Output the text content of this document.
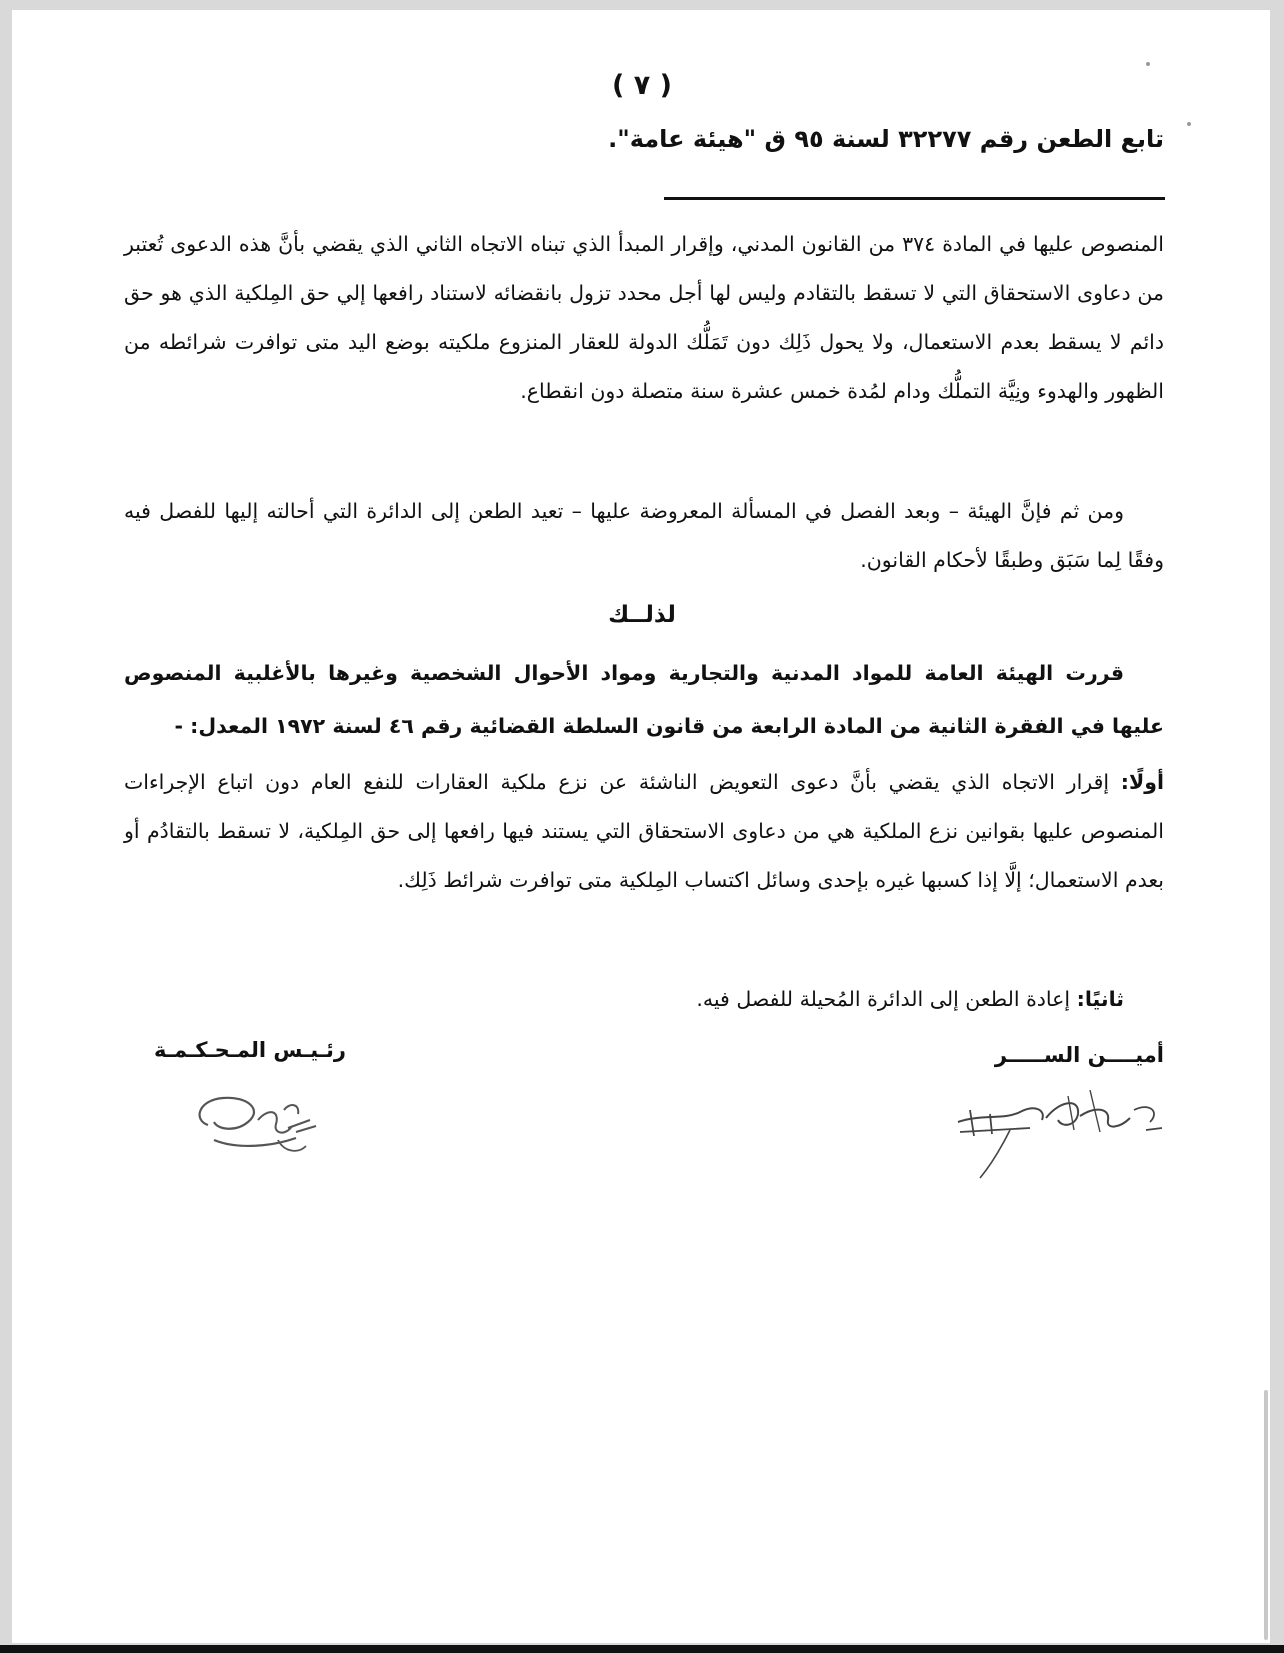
( ٧ )
تابع الطعن رقم ٣٢٢٧٧ لسنة ٩٥ ق "هيئة عامة".
المنصوص عليها في المادة ٣٧٤ من القانون المدني، وإقرار المبدأ الذي تبناه الاتجاه الثاني الذي يقضي بأنَّ هذه الدعوى تُعتبر من دعاوى الاستحقاق التي لا تسقط بالتقادم وليس لها أجل محدد تزول بانقضائه لاستناد رافعها إلي حق المِلكية الذي هو حق دائم لا يسقط بعدم الاستعمال، ولا يحول ذَلِك دون تَمَلُّك الدولة للعقار المنزوع ملكيته بوضع اليد متى توافرت شرائطه من الظهور والهدوء ونِيَّة التملُّك ودام لمُدة خمس عشرة سنة متصلة دون انقطاع.
ومن ثم فإنَّ الهيئة – وبعد الفصل في المسألة المعروضة عليها – تعيد الطعن إلى الدائرة التي أحالته إليها للفصل فيه وفقًا لِما سَبَق وطبقًا لأحكام القانون.
لذلــك
قررت الهيئة العامة للمواد المدنية والتجارية ومواد الأحوال الشخصية وغيرها بالأغلبية المنصوص عليها في الفقرة الثانية من المادة الرابعة من قانون السلطة القضائية رقم ٤٦ لسنة ١٩٧٢ المعدل: -
أولًا: إقرار الاتجاه الذي يقضي بأنَّ دعوى التعويض الناشئة عن نزع ملكية العقارات للنفع العام دون اتباع الإجراءات المنصوص عليها بقوانين نزع الملكية هي من دعاوى الاستحقاق التي يستند فيها رافعها إلى حق المِلكية، لا تسقط بالتقادُم أو بعدم الاستعمال؛ إلَّا إذا كسبها غيره بإحدى وسائل اكتساب المِلكية متى توافرت شرائط ذَلِك.
ثانيًا: إعادة الطعن إلى الدائرة المُحيلة للفصل فيه.
رئـيـس المـحـكـمـة	أميــــن الســـــر
